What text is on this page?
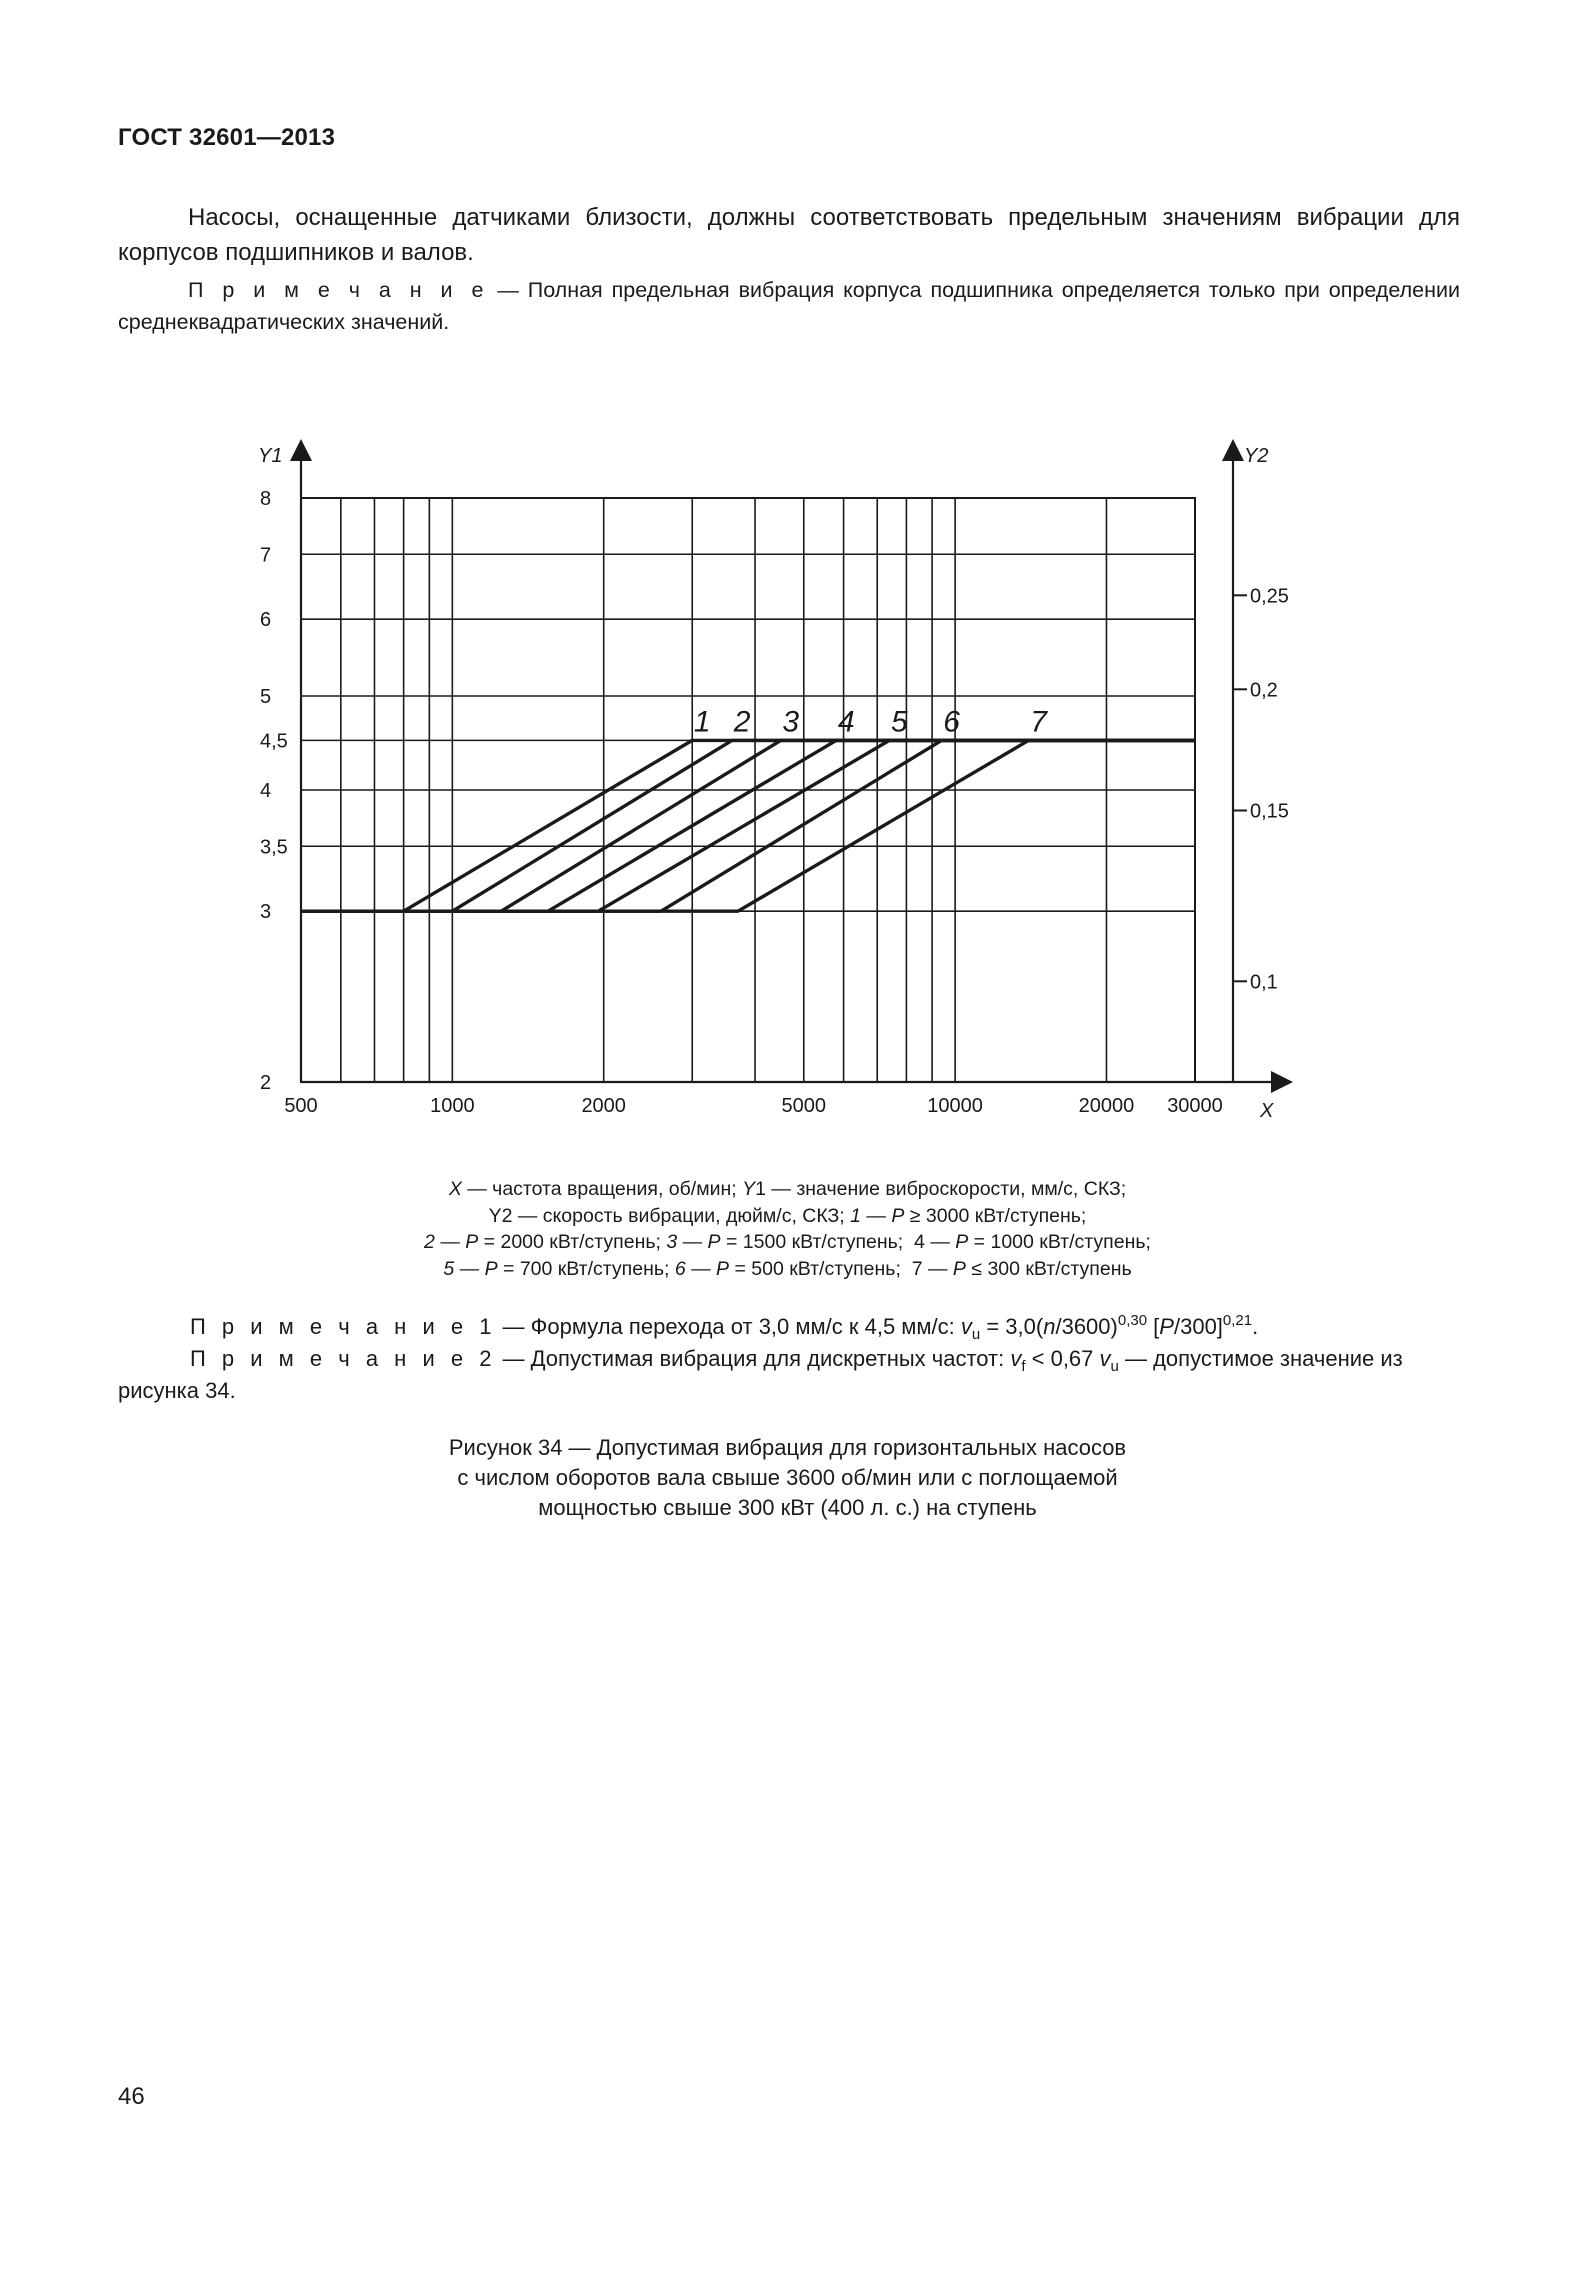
ГОСТ 32601—2013
Насосы, оснащенные датчиками близости, должны соответствовать предельным значениям вибрации для корпусов подшипников и валов.
П р и м е ч а н и е — Полная предельная вибрация корпуса подшипника определяется только при определении среднеквадратических значений.
Y1	Y2
X
500	1000	2000	5000	10000	20000 30000
2
3
3,5
4
4,5
5
6
7
8
0,1
0,15
0,2
0,25
1 2 3 4 5 6 7
X — частота вращения, об/мин; Y1 — значение виброскорости, мм/с, СКЗ;
Y2 — скорость вибрации, дюйм/с, СКЗ; 1 — P ≥ 3000 кВт/ступень;
2 — P = 2000 кВт/ступень; 3 — P = 1500 кВт/ступень;  4 — P = 1000 кВт/ступень;
5 — P = 700 кВт/ступень; 6 — P = 500 кВт/ступень;  7 — P ≤ 300 кВт/ступень
П р и м е ч а н и е 1 — Формула перехода от 3,0 мм/с к 4,5 мм/с: $v_u = 3,0(n/3600)^{0,30}$ $[P/300]^{0,21}$.
П р и м е ч а н и е 2 — Допустимая вибрация для дискретных частот: $v_f < 0,67$ $v_u$ — допустимое значение из рисунка 34.
Рисунок 34 — Допустимая вибрация для горизонтальных насосов
с числом оборотов вала свыше 3600 об/мин или с поглощаемой
мощностью свыше 300 кВт (400 л. с.) на ступень
46
